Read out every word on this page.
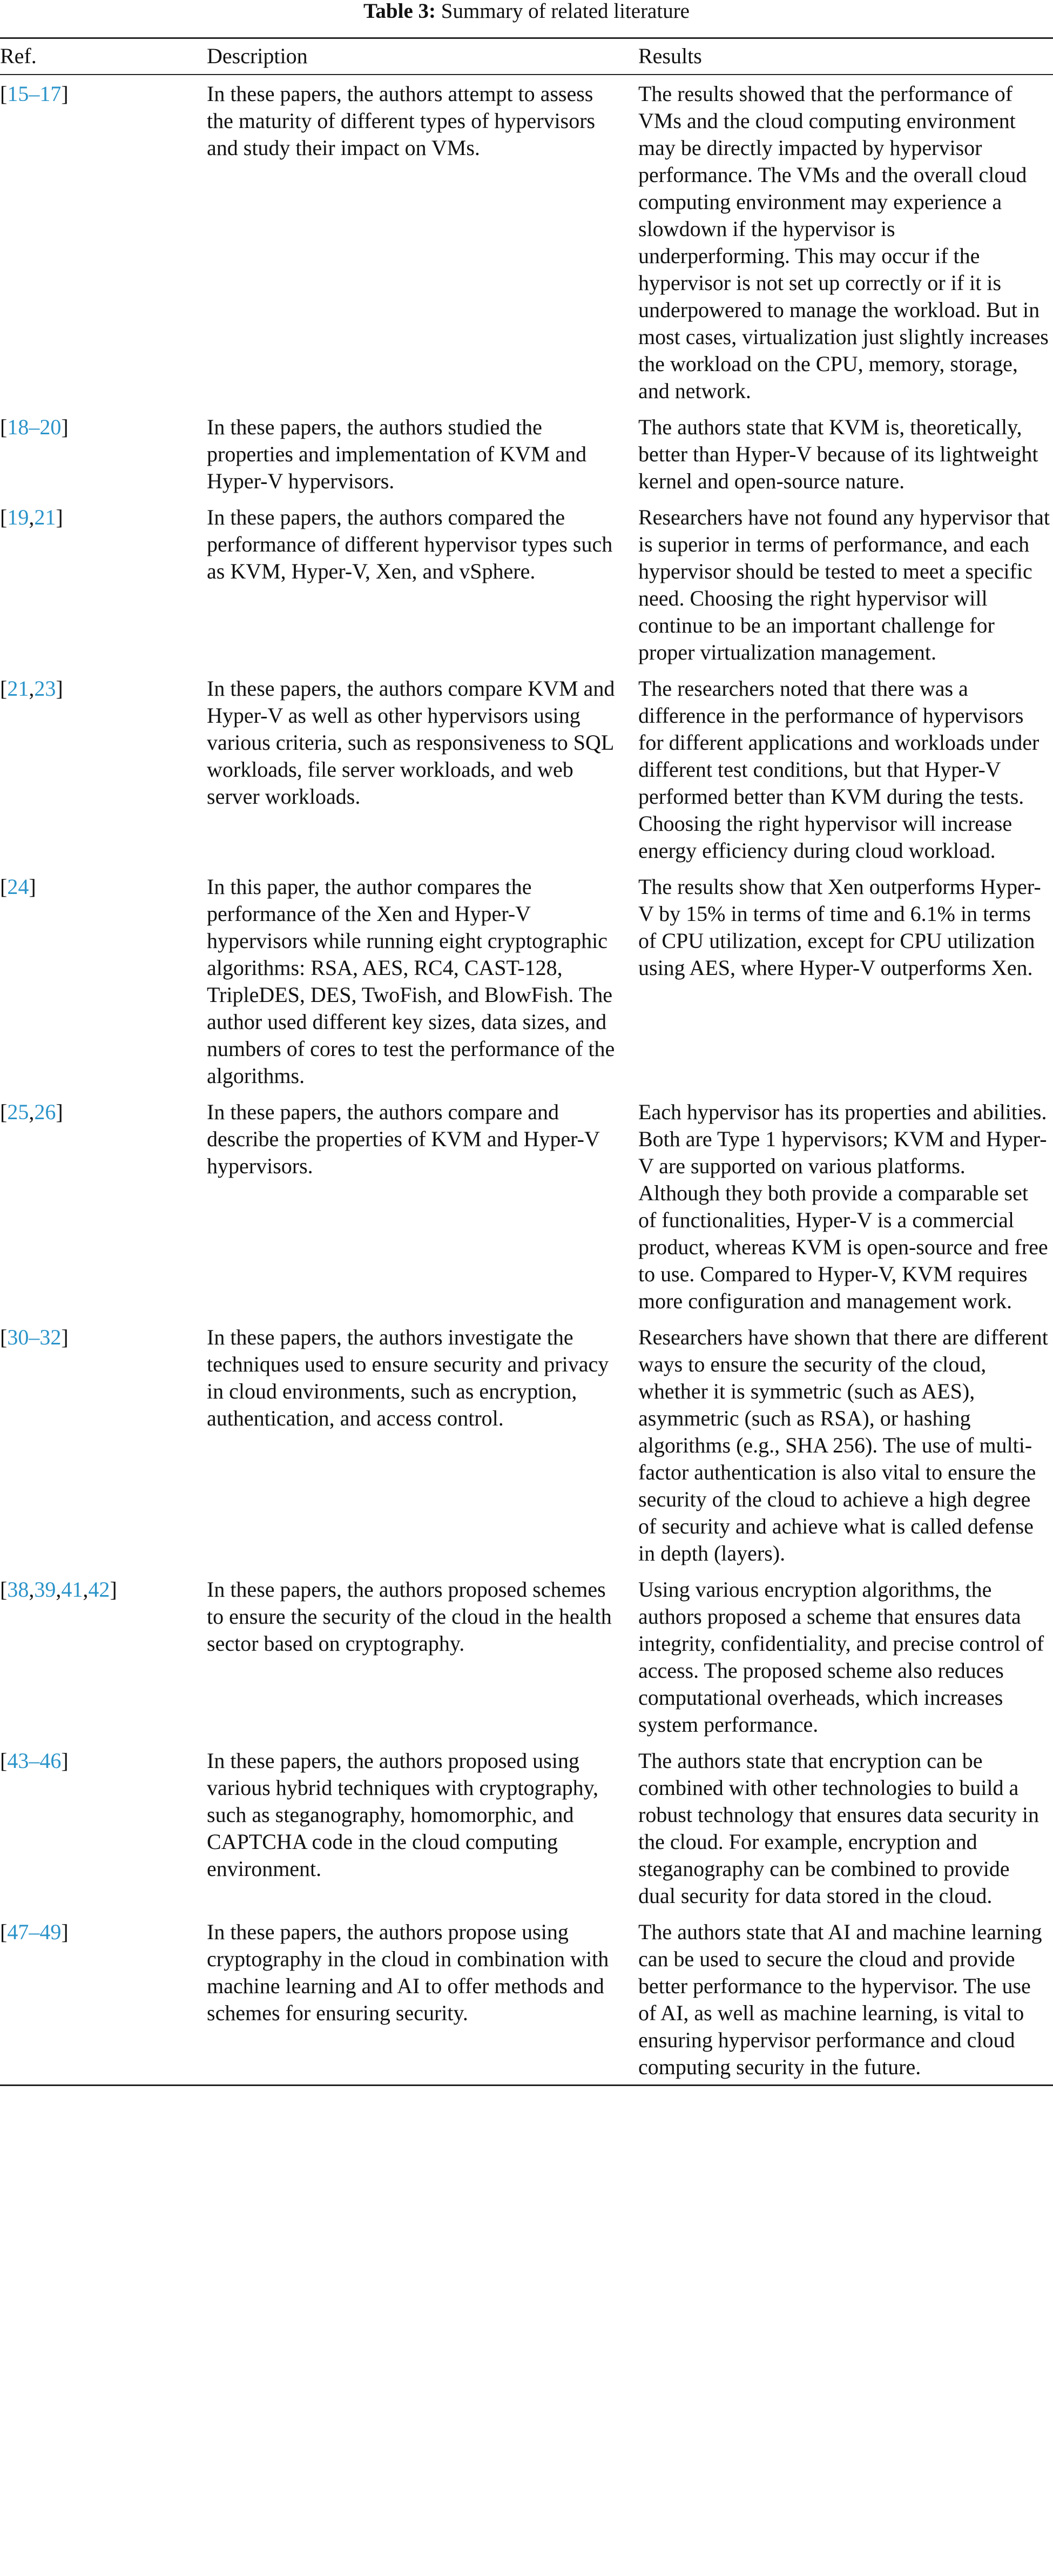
Table 3: Summary of related literature
Ref.	Description	Results
[15–17]	In these papers, the authors attempt to assess the maturity of different types of hypervisors and study their impact on VMs.	The results showed that the performance of VMs and the cloud computing environment may be directly impacted by hypervisor performance. The VMs and the overall cloud computing environment may experience a slowdown if the hypervisor is underperforming. This may occur if the hypervisor is not set up correctly or if it is underpowered to manage the workload. But in most cases, virtualization just slightly increases the workload on the CPU, memory, storage, and network.
[18–20]	In these papers, the authors studied the properties and implementation of KVM and Hyper-V hypervisors.	The authors state that KVM is, theoretically, better than Hyper-V because of its lightweight kernel and open-source nature.
[19,21]	In these papers, the authors compared the performance of different hypervisor types such as KVM, Hyper-V, Xen, and vSphere.	Researchers have not found any hypervisor that is superior in terms of performance, and each hypervisor should be tested to meet a specific need. Choosing the right hypervisor will continue to be an important challenge for proper virtualization management.
[21,23]	In these papers, the authors compare KVM and Hyper-V as well as other hypervisors using various criteria, such as responsiveness to SQL workloads, file server workloads, and web server workloads.	The researchers noted that there was a difference in the performance of hypervisors for different applications and workloads under different test conditions, but that Hyper-V performed better than KVM during the tests. Choosing the right hypervisor will increase energy efficiency during cloud workload.
[24]	In this paper, the author compares the performance of the Xen and Hyper-V hypervisors while running eight cryptographic algorithms: RSA, AES, RC4, CAST-128, TripleDES, DES, TwoFish, and BlowFish. The author used different key sizes, data sizes, and numbers of cores to test the performance of the algorithms.	The results show that Xen outperforms Hyper-V by 15% in terms of time and 6.1% in terms of CPU utilization, except for CPU utilization using AES, where Hyper-V outperforms Xen.
[25,26]	In these papers, the authors compare and describe the properties of KVM and Hyper-V hypervisors.	Each hypervisor has its properties and abilities. Both are Type 1 hypervisors; KVM and Hyper-V are supported on various platforms. Although they both provide a comparable set of functionalities, Hyper-V is a commercial product, whereas KVM is open-source and free to use. Compared to Hyper-V, KVM requires more configuration and management work.
[30–32]	In these papers, the authors investigate the techniques used to ensure security and privacy in cloud environments, such as encryption, authentication, and access control.	Researchers have shown that there are different ways to ensure the security of the cloud, whether it is symmetric (such as AES), asymmetric (such as RSA), or hashing algorithms (e.g., SHA 256). The use of multi-factor authentication is also vital to ensure the security of the cloud to achieve a high degree of security and achieve what is called defense in depth (layers).
[38,39,41,42]	In these papers, the authors proposed schemes to ensure the security of the cloud in the health sector based on cryptography.	Using various encryption algorithms, the authors proposed a scheme that ensures data integrity, confidentiality, and precise control of access. The proposed scheme also reduces computational overheads, which increases system performance.
[43–46]	In these papers, the authors proposed using various hybrid techniques with cryptography, such as steganography, homomorphic, and CAPTCHA code in the cloud computing environment.	The authors state that encryption can be combined with other technologies to build a robust technology that ensures data security in the cloud. For example, encryption and steganography can be combined to provide dual security for data stored in the cloud.
[47–49]	In these papers, the authors propose using cryptography in the cloud in combination with machine learning and AI to offer methods and schemes for ensuring security.	The authors state that AI and machine learning can be used to secure the cloud and provide better performance to the hypervisor. The use of AI, as well as machine learning, is vital to ensuring hypervisor performance and cloud computing security in the future.
